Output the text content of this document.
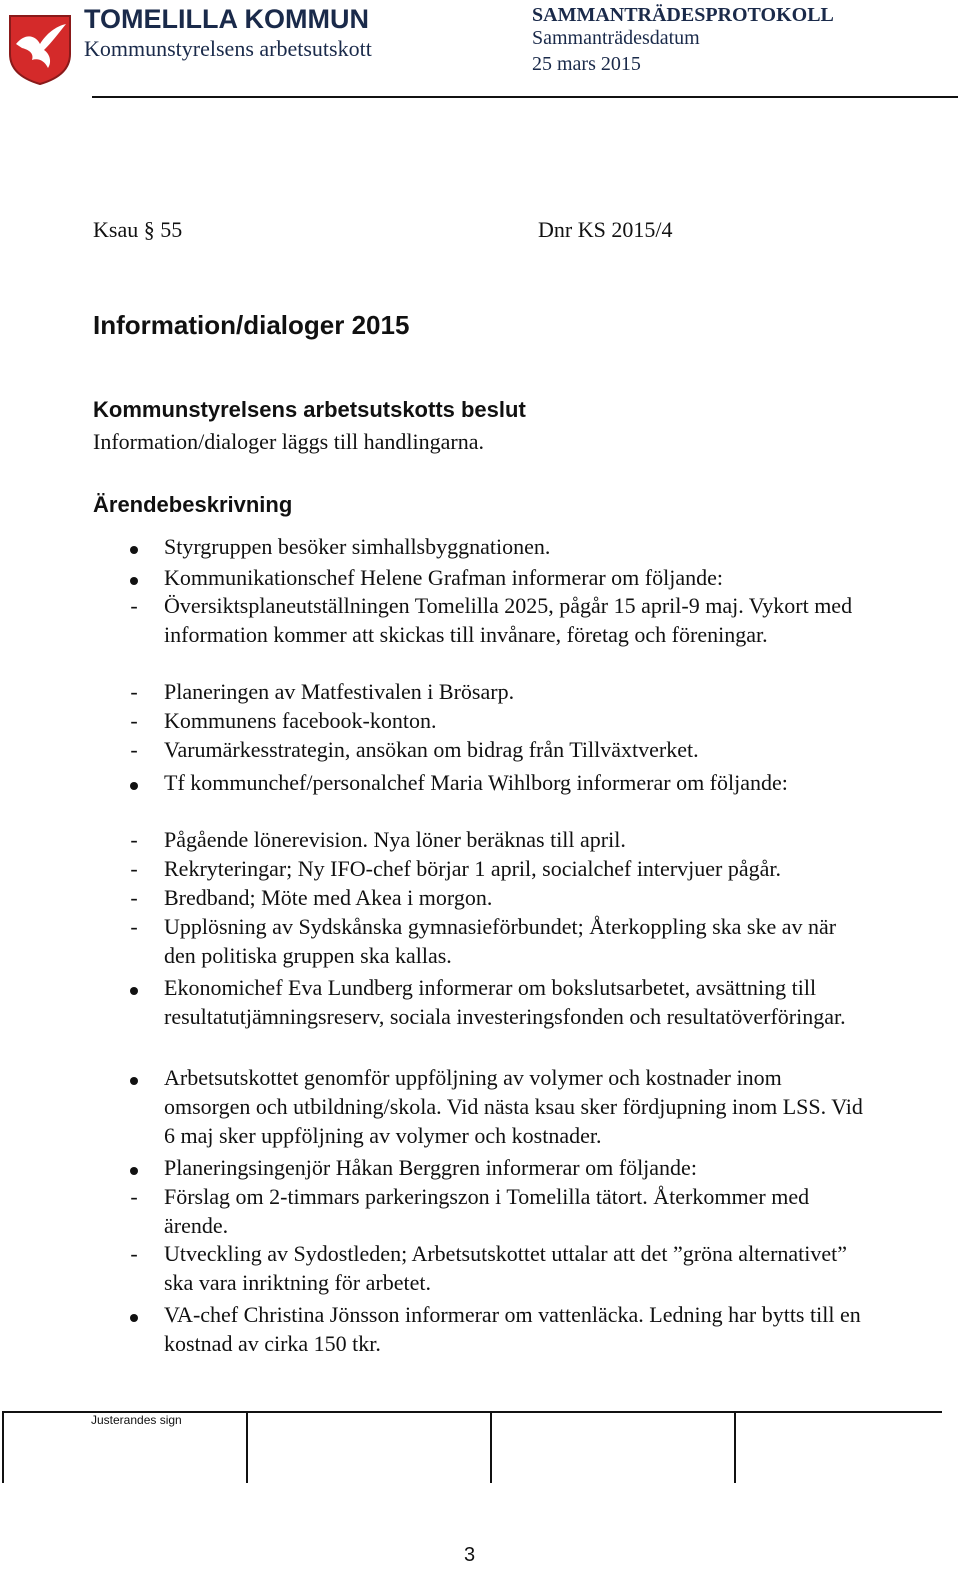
TOMELILLA KOMMUN
Kommunstyrelsens arbetsutskott
SAMMANTRÄDESPROTOKOLL
Sammanträdesdatum
25 mars 2015
Ksau § 55	Dnr KS 2015/4
Information/dialoger 2015
Kommunstyrelsens arbetsutskotts beslut
Information/dialoger läggs till handlingarna.
Ärendebeskrivning
Styrgruppen besöker simhallsbyggnationen.
Kommunikationschef Helene Grafman informerar om följande:
- Översiktsplaneutställningen Tomelilla 2025, pågår 15 april-9 maj. Vykort med information kommer att skickas till invånare, företag och föreningar.
- Planeringen av Matfestivalen i Brösarp.
- Kommunens facebook-konton.
- Varumärkesstrategin, ansökan om bidrag från Tillväxtverket.
Tf kommunchef/personalchef Maria Wihlborg informerar om följande:
- Pågående lönerevision. Nya löner beräknas till april.
- Rekryteringar; Ny IFO-chef börjar 1 april, socialchef intervjuer pågår.
- Bredband; Möte med Akea i morgon.
- Upplösning av Sydskånska gymnasieförbundet; Återkoppling ska ske av när den politiska gruppen ska kallas.
Ekonomichef Eva Lundberg informerar om bokslutsarbetet, avsättning till resultatutjämningsreserv, sociala investeringsfonden och resultatöverföringar.
Arbetsutskottet genomför uppföljning av volymer och kostnader inom omsorgen och utbildning/skola. Vid nästa ksau sker fördjupning inom LSS. Vid 6 maj sker uppföljning av volymer och kostnader.
Planeringsingenjör Håkan Berggren informerar om följande:
- Förslag om 2-timmars parkeringszon i Tomelilla tätort. Återkommer med ärende.
- Utveckling av Sydostleden; Arbetsutskottet uttalar att det ”gröna alternativet” ska vara inriktning för arbetet.
VA-chef Christina Jönsson informerar om vattenläcka. Ledning har bytts till en kostnad av cirka 150 tkr.
Justerandes sign
3
